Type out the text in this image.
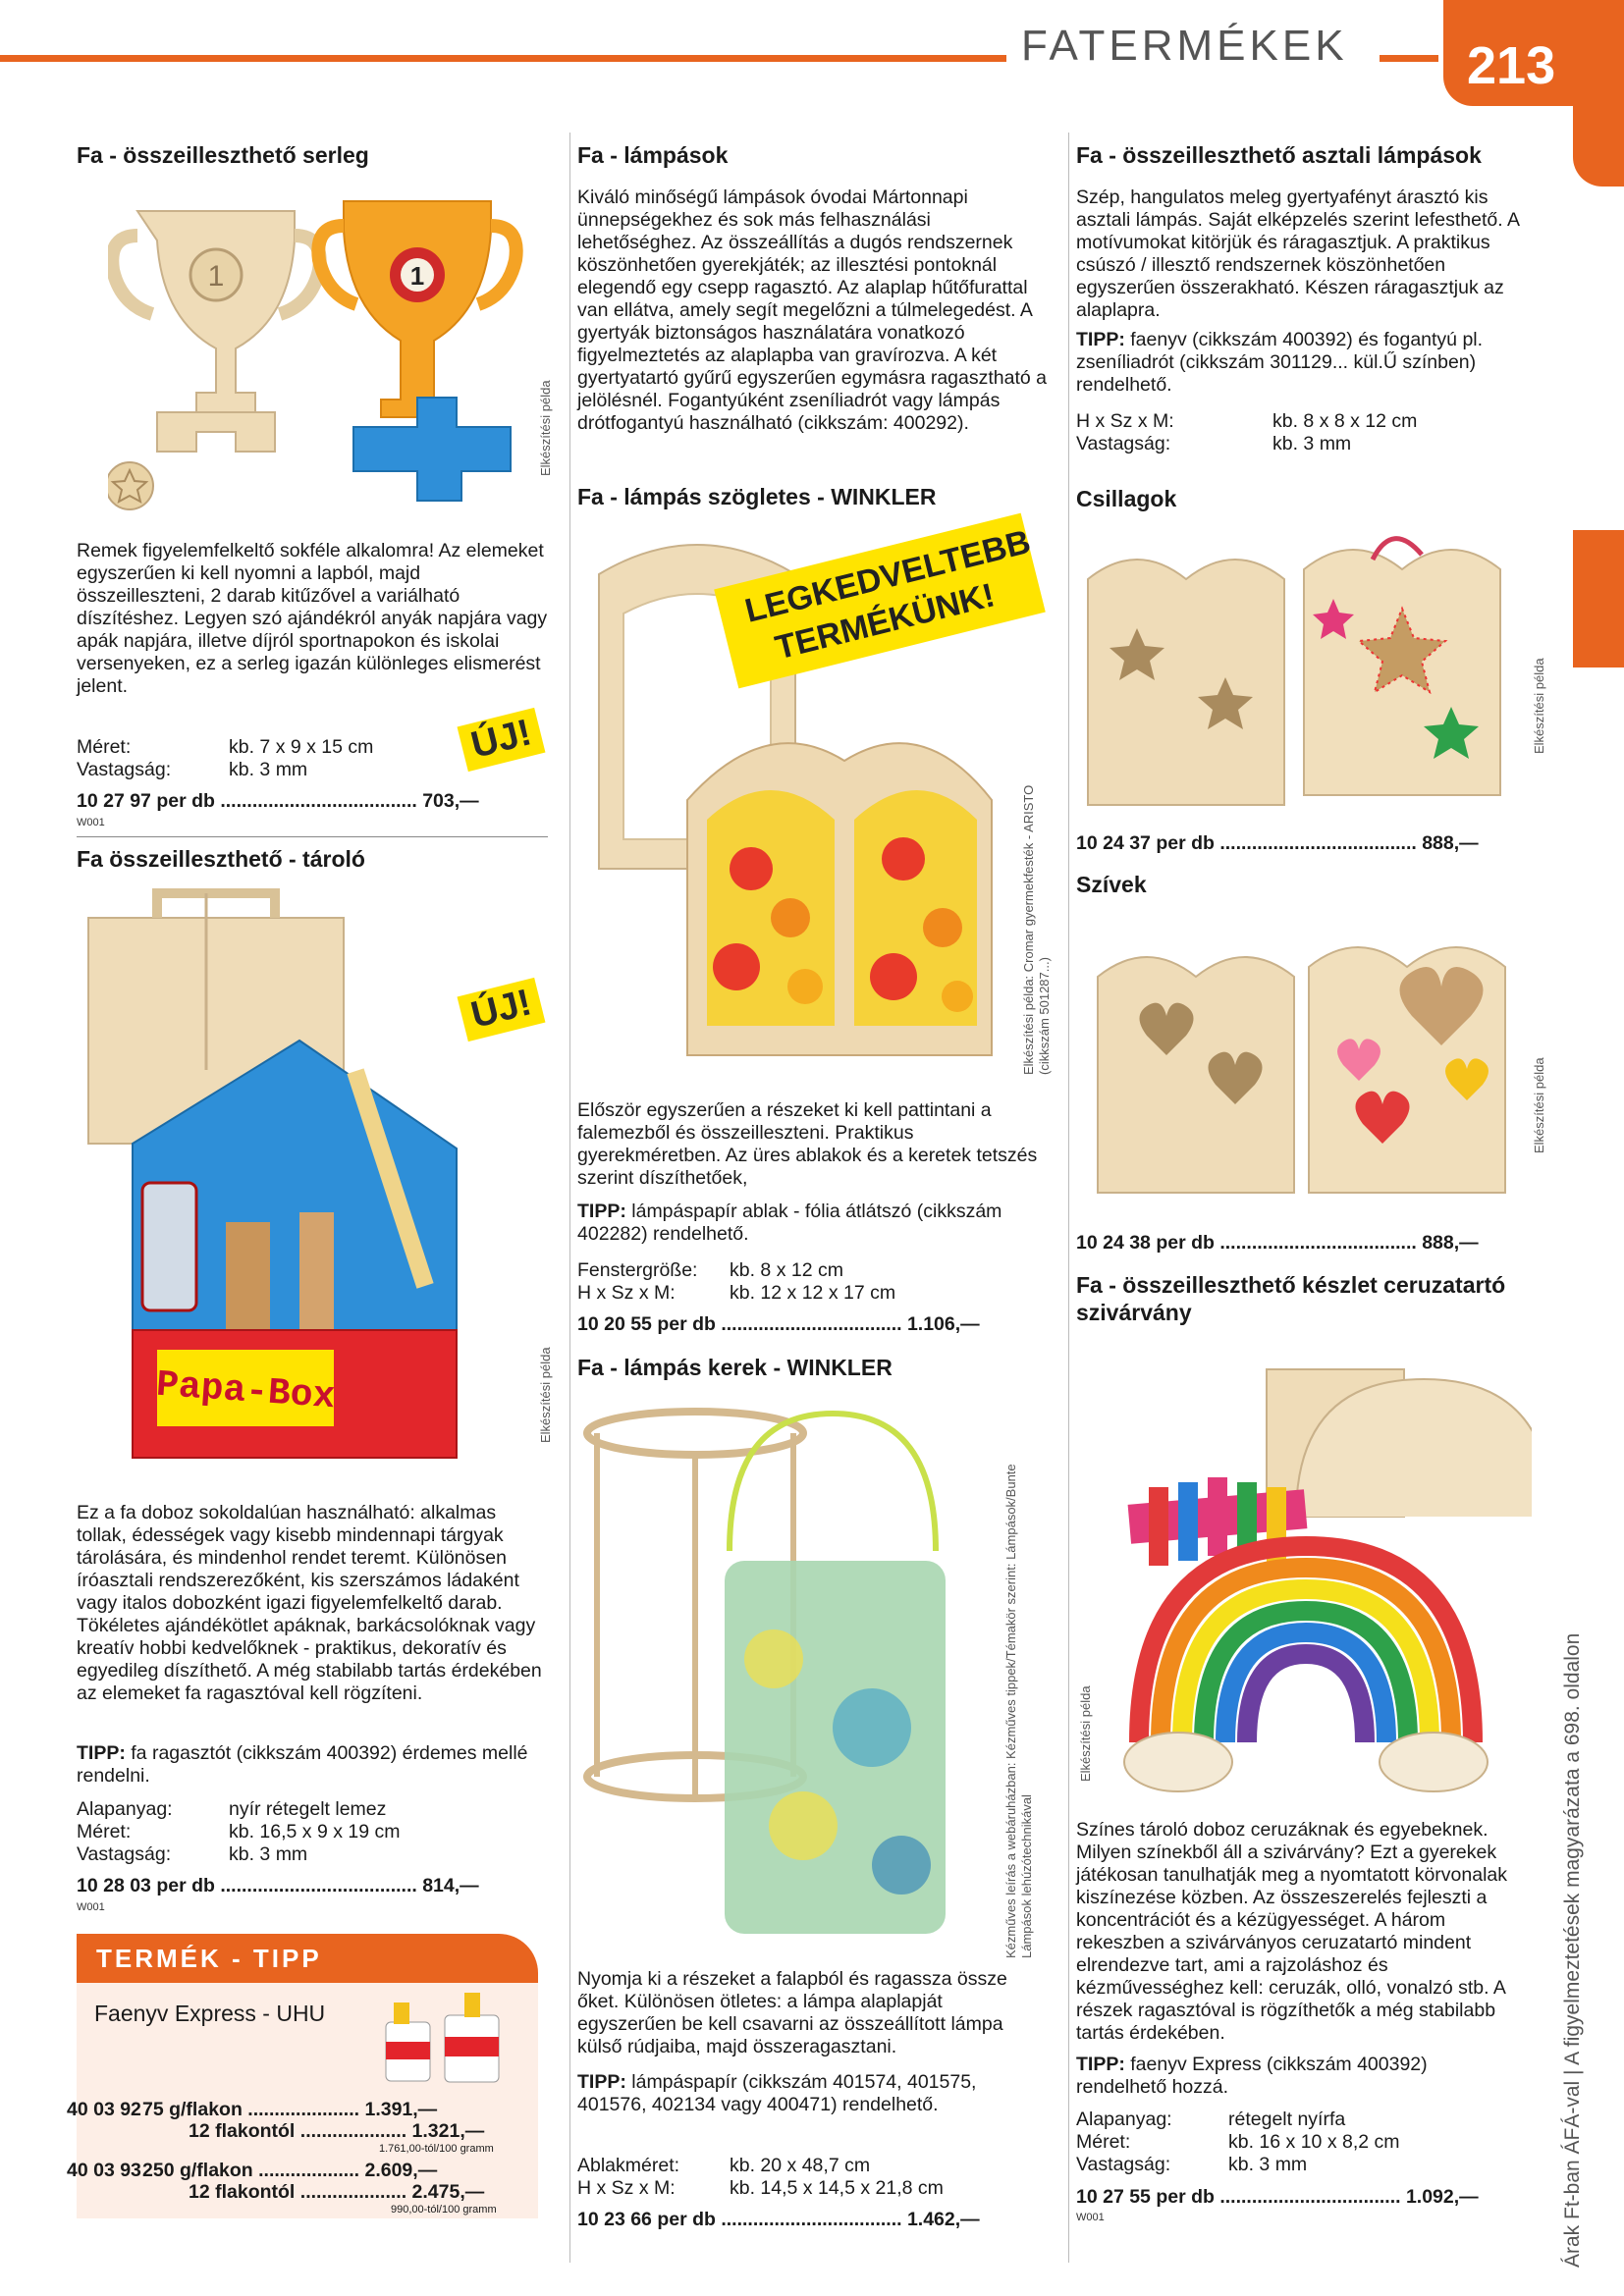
FATERMÉKEK	213
Árak Ft-ban ÁFÁ-val | A figyelmeztetések magyarázata a 698. oldalon
Fa - összeilleszthető serleg
1	1
Elkészítési példa
Remek figyelemfelkeltő sokféle alkalomra! Az elemeket egyszerűen ki kell nyomni a lapból, majd összeilleszteni, 2 darab kitűzővel a variálható díszítéshez. Legyen szó ajándékról anyák napjára vagy apák napjára, illetve díjról sportnapokon és iskolai versenyeken, ez a serleg igazán különleges elismerést jelent.
Méret:	kb. 7 x 9 x 15 cm
Vastagság:	kb. 3 mm
ÚJ!
10 27 97 per db ..................................... 703,—
W001
Fa összeilleszthető - tároló
Papa-Box
ÚJ!
Elkészítési példa
Ez a fa doboz sokoldalúan használható: alkalmas tollak, édességek vagy kisebb mindennapi tárgyak tárolására, és mindenhol rendet teremt. Különösen íróasztali rendszerezőként, kis szerszámos ládaként vagy italos dobozként igazi figyelemfelkeltő darab. Tökéletes ajándékötlet apáknak, barkácsolóknak vagy kreatív hobbi kedvelőknek - praktikus, dekoratív és egyedileg díszíthető. A még stabilabb tartás érdekében az elemeket fa ragasztóval kell rögzíteni.
TIPP: fa ragasztót (cikkszám 400392) érdemes mellé rendelni.
Alapanyag:	nyír rétegelt lemez
Méret:	kb. 16,5 x 9 x 19 cm
Vastagság:	kb. 3 mm
10 28 03 per db ..................................... 814,—
W001
TERMÉK - TIPP
Faenyv Express - UHU
40 03 92 75 g/flakon ..................... 1.391,—
12 flakontól .................... 1.321,—
1.761,00-tól/100 gramm
40 03 93 250 g/flakon ................... 2.609,—
12 flakontól .................... 2.475,—
990,00-tól/100 gramm
Fa - lámpások
Kiváló minőségű lámpások óvodai Mártonnapi ünnepségekhez és sok más felhasználási lehetőséghez. Az összeállítás a dugós rendszernek köszönhetően gyerekjáték; az illesztési pontoknál elegendő egy csepp ragasztó. Az alaplap hűtőfurattal van ellátva, amely segít megelőzni a túlmelegedést. A gyertyák biztonságos használatára vonatkozó figyelmeztetés az alaplapba van gravírozva. A két gyertyatartó gyűrű egyszerűen egymásra ragasztható a jelölésnél. Fogantyúként zseníliadrót vagy lámpás drótfogantyú használható (cikkszám: 400292).
Fa - lámpás szögletes - WINKLER
LEGKEDVELTEBB TERMÉKÜNK!
Elkészítési példa: Cromar gyermekfesték - ARISTO (cikkszám 501287...)
Először egyszerűen a részeket ki kell pattintani a falemezből és összeilleszteni. Praktikus gyerekméretben. Az üres ablakok és a keretek tetszés szerint díszíthetőek,
TIPP: lámpáspapír ablak - fólia átlátszó (cikkszám 402282) rendelhető.
Fenstergröße: kb. 8 x 12 cm
H x Sz x M:	kb. 12 x 12 x 17 cm
10 20 55 per db .................................. 1.106,—
Fa - lámpás kerek - WINKLER
Kézműves leírás a webáruházban: Kézműves tippek/Témakör szerint: Lámpások/Bunte Lámpások lehúzótechnikával
Nyomja ki a részeket a falapból és ragassza össze őket. Különösen ötletes: a lámpa alaplapját egyszerűen be kell csavarni az összeállított lámpa külső rúdjaiba, majd összeragasztani.
TIPP: lámpáspapír (cikkszám 401574, 401575, 401576, 402134 vagy 400471) rendelhető.
Ablakméret:	kb. 20 x 48,7 cm
H x Sz x M:	kb. 14,5 x 14,5 x 21,8 cm
10 23 66 per db .................................. 1.462,—
Fa - összeilleszthető asztali lámpások
Szép, hangulatos meleg gyertyafényt árasztó kis asztali lámpás. Saját elképzelés szerint lefesthető. A motívumokat kitörjük és ráragasztjuk. A praktikus csúszó / illesztő rendszernek köszönhetően egyszerűen összerakható. Készen ráragasztjuk az alaplapra.
TIPP: faenyv (cikkszám 400392) és fogantyú pl. zseníliadrót (cikkszám 301129... kül.Ű színben) rendelhető.
H x Sz x M:	kb. 8 x 8 x 12 cm
Vastagság:	kb. 3 mm
Csillagok
Elkészítési példa
10 24 37 per db ..................................... 888,—
Szívek
Elkészítési példa
10 24 38 per db ..................................... 888,—
Fa - összeilleszthető készlet ceruzatartó szivárvány
Elkészítési példa
Színes tároló doboz ceruzáknak és egyebeknek. Milyen színekből áll a szivárvány? Ezt a gyerekek játékosan tanulhatják meg a nyomtatott körvonalak kiszínezése közben. Az összeszerelés fejleszti a koncentrációt és a kézügyességet. A három rekeszben a szivárványos ceruzatartó mindent elrendezve tart, ami a rajzoláshoz és kézművességhez kell: ceruzák, olló, vonalzó stb. A részek ragasztóval is rögzíthetők a még stabilabb tartás érdekében.
TIPP: faenyv Express (cikkszám 400392) rendelhető hozzá.
Alapanyag:	rétegelt nyírfa
Méret:	kb. 16 x 10 x 8,2 cm
Vastagság:	kb. 3 mm
10 27 55 per db .................................. 1.092,—
W001
